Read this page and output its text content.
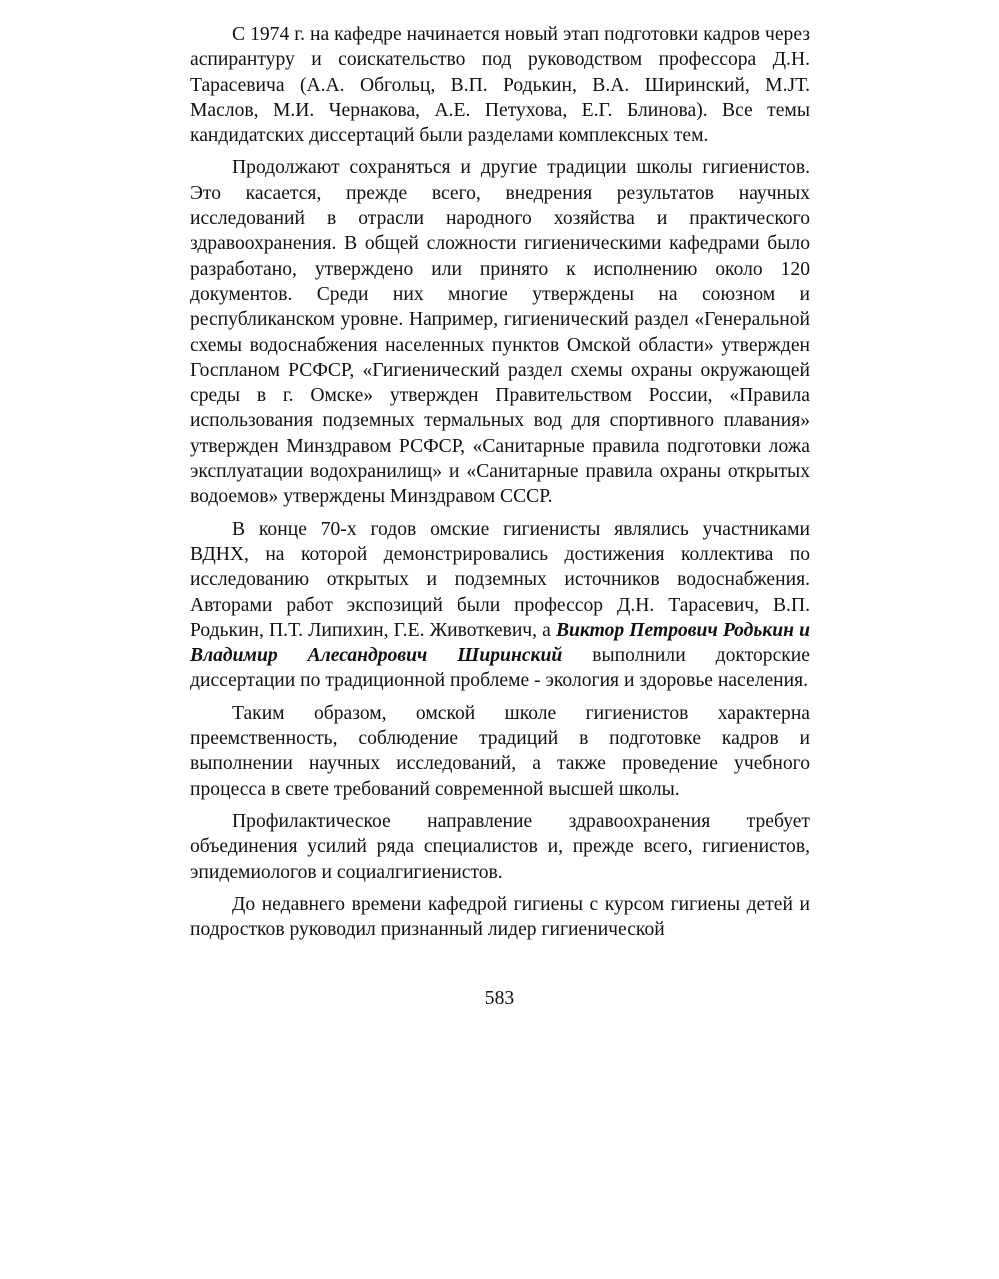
С 1974 г. на кафедре начинается новый этап подготовки кадров через аспирантуру и соискательство под руководством профессора Д.Н. Тарасевича (А.А. Обгольц, В.П. Родькин, В.А. Ширинский, М.JТ. Маслов, М.И. Чернакова, А.Е. Петухова, Е.Г. Блинова). Все темы кандидатских диссертаций были разделами комплексных тем.

Продолжают сохраняться и другие традиции школы гигиенистов. Это касается, прежде всего, внедрения результатов научных исследований в отрасли народного хозяйства и практического здравоохранения. В общей сложности гигиеническими кафедрами было разработано, утверждено или принято к исполнению около 120 документов. Среди них многие утверждены на союзном и республиканском уровне. Например, гигиенический раздел «Генеральной схемы водоснабжения населенных пунктов Омской области» утвержден Госпланом РСФСР, «Гигиенический раздел схемы охраны окружающей среды в г. Омске» утвержден Правительством России, «Правила использования подземных термальных вод для спортивного плавания» утвержден Минздравом РСФСР, «Санитарные правила подготовки ложа эксплуатации водохранилищ» и «Санитарные правила охраны открытых водоемов» утверждены Минздравом СССР.

В конце 70-х годов омские гигиенисты являлись участниками ВДНХ, на которой демонстрировались достижения коллектива по исследованию открытых и подземных источников водоснабжения. Авторами работ экспозиций были профессор Д.Н. Тарасевич, В.П. Родькин, П.Т. Липихин, Г.Е. Животкевич, а Виктор Петрович Родькин и Владимир Алесандрович Ширинский выполнили докторские диссертации по традиционной проблеме - экология и здоровье населения.

Таким образом, омской школе гигиенистов характерна преемственность, соблюдение традиций в подготовке кадров и выполнении научных исследований, а также проведение учебного процесса в свете требований современной высшей школы.

Профилактическое направление здравоохранения требует объединения усилий ряда специалистов и, прежде всего, гигиенистов, эпидемиологов и социалгигиенистов.

До недавнего времени кафедрой гигиены с курсом гигиены детей и подростков руководил признанный лидер гигиенической

583
